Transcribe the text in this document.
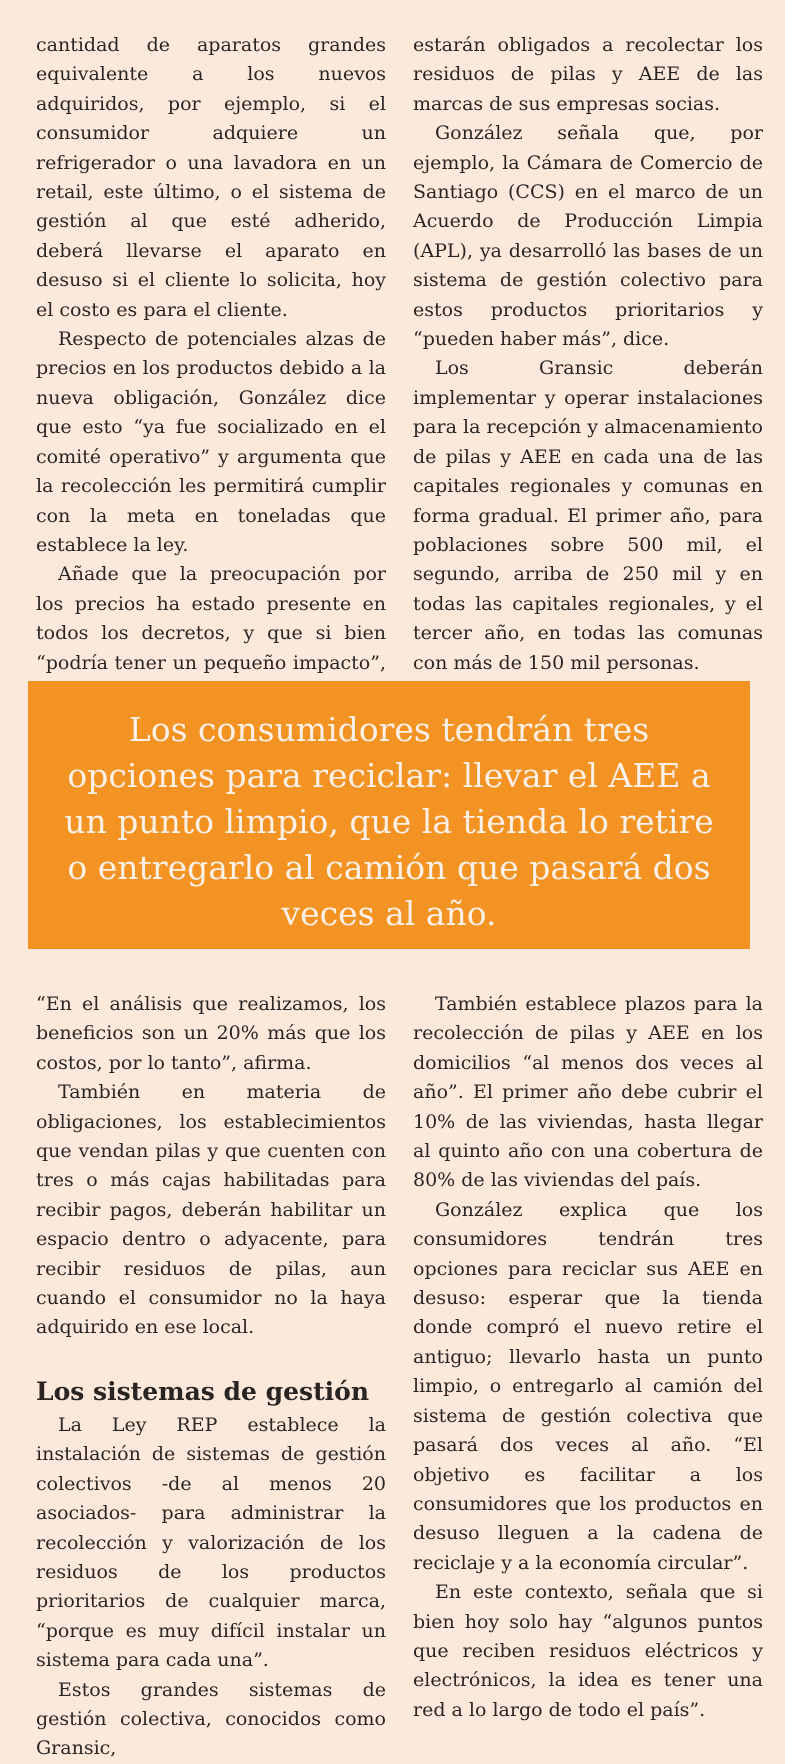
cantidad de aparatos grandes equivalente a los nuevos adquiridos, por ejemplo, si el consumidor adquiere un refrigerador o una lavadora en un retail, este último, o el sistema de gestión al que esté adherido, deberá llevarse el aparato en desuso si el cliente lo solicita, hoy el costo es para el cliente.

Respecto de potenciales alzas de precios en los productos debido a la nueva obligación, González dice que esto “ya fue socializado en el comité operativo” y argumenta que la recolección les permitirá cumplir con la meta en toneladas que establece la ley.

Añade que la preocupación por los precios ha estado presente en todos los decretos, y que si bien “podría tener un pequeño impacto”,

estarán obligados a recolectar los residuos de pilas y AEE de las marcas de sus empresas socias.

González señala que, por ejemplo, la Cámara de Comercio de Santiago (CCS) en el marco de un Acuerdo de Producción Limpia (APL), ya desarrolló las bases de un sistema de gestión colectivo para estos productos prioritarios y “pueden haber más”, dice.

Los Gransic deberán implementar y operar instalaciones para la recepción y almacenamiento de pilas y AEE en cada una de las capitales regionales y comunas en forma gradual. El primer año, para poblaciones sobre 500 mil, el segundo, arriba de 250 mil y en todas las capitales regionales, y el tercer año, en todas las comunas con más de 150 mil personas.

Los consumidores tendrán tres opciones para reciclar: llevar el AEE a un punto limpio, que la tienda lo retire o entregarlo al camión que pasará dos veces al año.

“En el análisis que realizamos, los beneficios son un 20% más que los costos, por lo tanto”, afirma.

También en materia de obligaciones, los establecimientos que vendan pilas y que cuenten con tres o más cajas habilitadas para recibir pagos, deberán habilitar un espacio dentro o adyacente, para recibir residuos de pilas, aun cuando el consumidor no la haya adquirido en ese local.

Los sistemas de gestión

La Ley REP establece la instalación de sistemas de gestión colectivos -de al menos 20 asociados- para administrar la recolección y valorización de los residuos de los productos prioritarios de cualquier marca, “porque es muy difícil instalar un sistema para cada una”.

Estos grandes sistemas de gestión colectiva, conocidos como Gransic,

También establece plazos para la recolección de pilas y AEE en los domicilios “al menos dos veces al año”. El primer año debe cubrir el 10% de las viviendas, hasta llegar al quinto año con una cobertura de 80% de las viviendas del país.

González explica que los consumidores tendrán tres opciones para reciclar sus AEE en desuso: esperar que la tienda donde compró el nuevo retire el antiguo; llevarlo hasta un punto limpio, o entregarlo al camión del sistema de gestión colectiva que pasará dos veces al año. “El objetivo es facilitar a los consumidores que los productos en desuso lleguen a la cadena de reciclaje y a la economía circular”.

En este contexto, señala que si bien hoy solo hay “algunos puntos que reciben residuos eléctricos y electrónicos, la idea es tener una red a lo largo de todo el país”.
